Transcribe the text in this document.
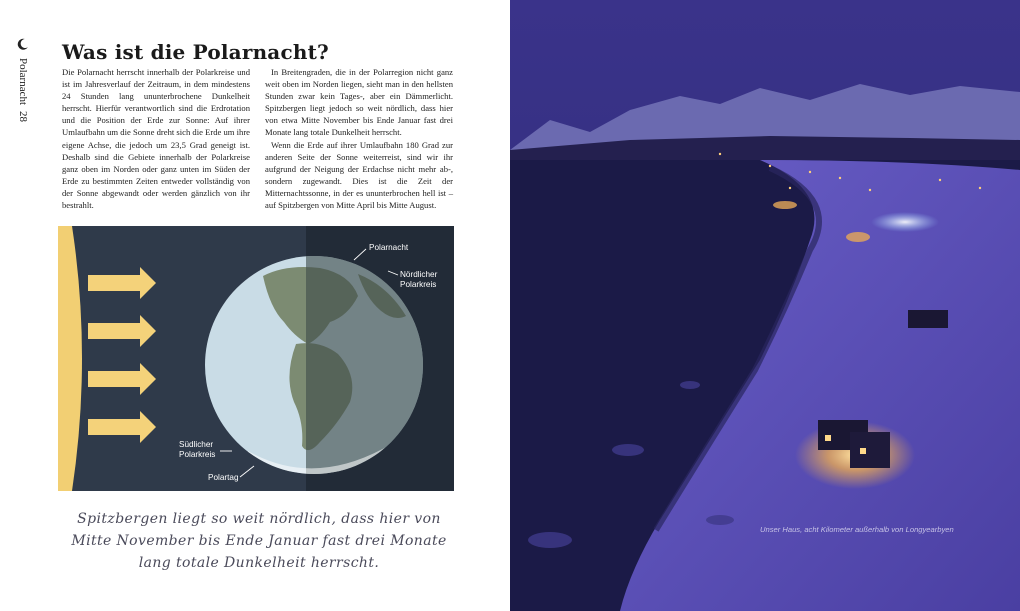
Polarnacht
28
Was ist die Polarnacht?

Die Polarnacht herrscht innerhalb der Polarkreise und ist im Jahresverlauf der Zeitraum, in dem mindestens 24 Stunden lang ununterbrochene Dunkelheit herrscht. Hierfür verantwortlich sind die Erdrotation und die Position der Erde zur Sonne: Auf ihrer Umlaufbahn um die Sonne dreht sich die Erde um ihre eigene Achse, die jedoch um 23,5 Grad geneigt ist. Deshalb sind die Gebiete innerhalb der Polarkreise ganz oben im Norden oder ganz unten im Süden der Erde zu bestimmten Zeiten entweder vollständig von der Sonne abgewandt oder werden gänzlich von ihr bestrahlt.

In Breitengraden, die in der Polarregion nicht ganz weit oben im Norden liegen, sieht man in den hellsten Stunden zwar kein Tages-, aber ein Dämmerlicht. Spitzbergen liegt jedoch so weit nördlich, dass hier von etwa Mitte November bis Ende Januar fast drei Monate lang totale Dunkelheit herrscht.

Wenn die Erde auf ihrer Umlaufbahn 180 Grad zur anderen Seite der Sonne weiterreist, sind wir ihr aufgrund der Neigung der Erdachse nicht mehr ab-, sondern zugewandt. Dies ist die Zeit der Mitternachtssonne, in der es ununterbrochen hell ist – auf Spitzbergen von Mitte April bis Mitte August.

Polarnacht
Nördlicher
Polarkreis
Südlicher
Polarkreis
Polartag

Spitzbergen liegt so weit nördlich, dass hier von Mitte November bis Ende Januar fast drei Monate lang totale Dunkelheit herrscht.

Unser Haus, acht Kilometer außerhalb von Longyearbyen
